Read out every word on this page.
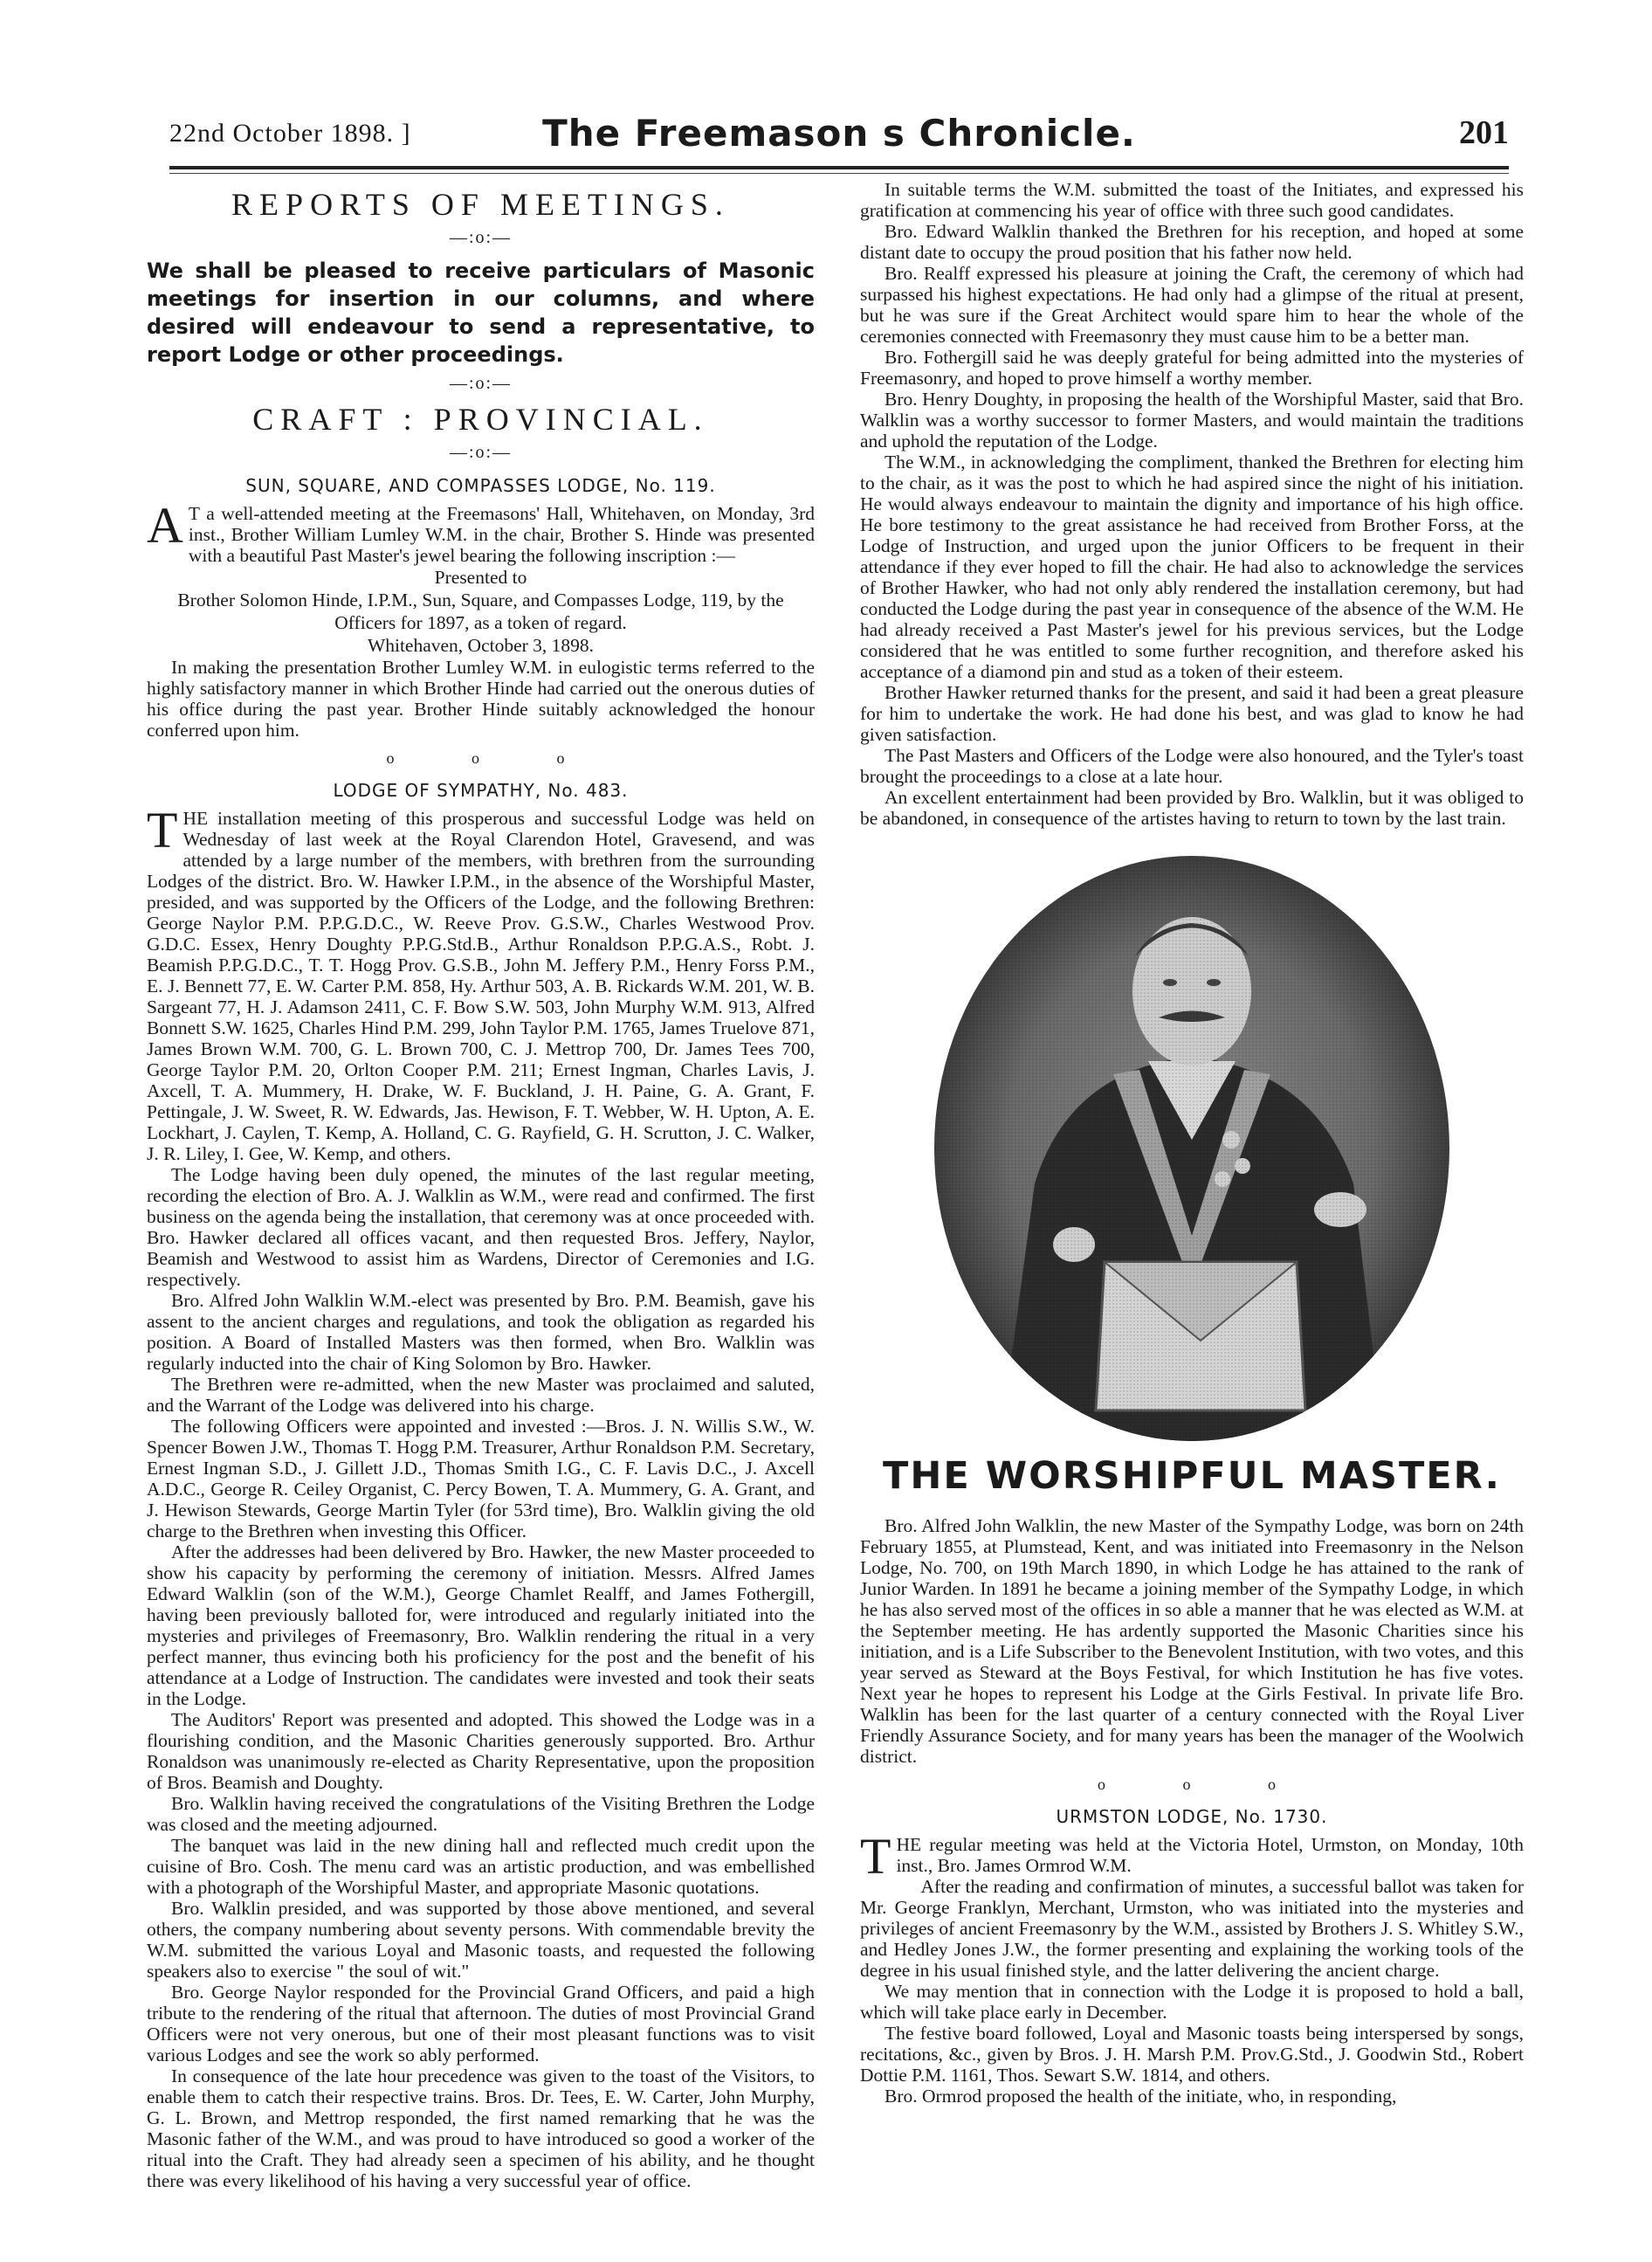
22nd October 1898. ]	The Freemason s Chronicle.	201
REPORTS OF MEETINGS.
—:o:—
We shall be pleased to receive particulars of Masonic meetings for insertion in our columns, and where desired will endeavour to send a representative, to report Lodge or other proceedings.
—:o:—
CRAFT : PROVINCIAL.
—:o:—
SUN, SQUARE, AND COMPASSES LODGE, No. 119.

A T a well-attended meeting at the Freemasons' Hall, Whitehaven, on Monday, 3rd inst., Brother William Lumley W.M. in the chair, Brother S. Hinde was presented with a beautiful Past Master's jewel bearing the following inscription :—

Presented to

Brother Solomon Hinde, I.P.M., Sun, Square, and Compasses Lodge, 119, by the Officers for 1897, as a token of regard.

Whitehaven, October 3, 1898.

In making the presentation Brother Lumley W.M. in eulogistic terms referred to the highly satisfactory manner in which Brother Hinde had carried out the onerous duties of his office during the past year. Brother Hinde suitably acknowledged the honour conferred upon him.

o o o
LODGE OF SYMPATHY, No. 483.

THE installation meeting of this prosperous and successful Lodge was held on Wednesday of last week at the Royal Clarendon Hotel, Gravesend, and was attended by a large number of the members, with brethren from the surrounding Lodges of the district. Bro. W. Hawker I.P.M., in the absence of the Worshipful Master, presided, and was supported by the Officers of the Lodge, and the following Brethren: George Naylor P.M. P.P.G.D.C., W. Reeve Prov. G.S.W., Charles Westwood Prov. G.D.C. Essex, Henry Doughty P.P.G.Std.B., Arthur Ronaldson P.P.G.A.S., Robt. J. Beamish P.P.G.D.C., T. T. Hogg Prov. G.S.B., John M. Jeffery P.M., Henry Forss P.M., E. J. Bennett 77, E. W. Carter P.M. 858, Hy. Arthur 503, A. B. Rickards W.M. 201, W. B. Sargeant 77, H. J. Adamson 2411, C. F. Bow S.W. 503, John Murphy W.M. 913, Alfred Bonnett S.W. 1625, Charles Hind P.M. 299, John Taylor P.M. 1765, James Truelove 871, James Brown W.M. 700, G. L. Brown 700, C. J. Mettrop 700, Dr. James Tees 700, George Taylor P.M. 20, Orlton Cooper P.M. 211; Ernest Ingman, Charles Lavis, J. Axcell, T. A. Mummery, H. Drake, W. F. Buckland, J. H. Paine, G. A. Grant, F. Pettingale, J. W. Sweet, R. W. Edwards, Jas. Hewison, F. T. Webber, W. H. Upton, A. E. Lockhart, J. Caylen, T. Kemp, A. Holland, C. G. Rayfield, G. H. Scrutton, J. C. Walker, J. R. Liley, I. Gee, W. Kemp, and others.

The Lodge having been duly opened, the minutes of the last regular meeting, recording the election of Bro. A. J. Walklin as W.M., were read and confirmed. The first business on the agenda being the installation, that ceremony was at once proceeded with. Bro. Hawker declared all offices vacant, and then requested Bros. Jeffery, Naylor, Beamish and Westwood to assist him as Wardens, Director of Ceremonies and I.G. respectively.

Bro. Alfred John Walklin W.M.-elect was presented by Bro. P.M. Beamish, gave his assent to the ancient charges and regulations, and took the obligation as regarded his position. A Board of Installed Masters was then formed, when Bro. Walklin was regularly inducted into the chair of King Solomon by Bro. Hawker.

The Brethren were re-admitted, when the new Master was proclaimed and saluted, and the Warrant of the Lodge was delivered into his charge.

The following Officers were appointed and invested :—Bros. J. N. Willis S.W., W. Spencer Bowen J.W., Thomas T. Hogg P.M. Treasurer, Arthur Ronaldson P.M. Secretary, Ernest Ingman S.D., J. Gillett J.D., Thomas Smith I.G., C. F. Lavis D.C., J. Axcell A.D.C., George R. Ceiley Organist, C. Percy Bowen, T. A. Mummery, G. A. Grant, and J. Hewison Stewards, George Martin Tyler (for 53rd time), Bro. Walklin giving the old charge to the Brethren when investing this Officer.

After the addresses had been delivered by Bro. Hawker, the new Master proceeded to show his capacity by performing the ceremony of initiation. Messrs. Alfred James Edward Walklin (son of the W.M.), George Chamlet Realff, and James Fothergill, having been previously balloted for, were introduced and regularly initiated into the mysteries and privileges of Freemasonry, Bro. Walklin rendering the ritual in a very perfect manner, thus evincing both his proficiency for the post and the benefit of his attendance at a Lodge of Instruction. The candidates were invested and took their seats in the Lodge.

The Auditors' Report was presented and adopted. This showed the Lodge was in a flourishing condition, and the Masonic Charities generously supported. Bro. Arthur Ronaldson was unanimously re-elected as Charity Representative, upon the proposition of Bros. Beamish and Doughty.

Bro. Walklin having received the congratulations of the Visiting Brethren the Lodge was closed and the meeting adjourned.

The banquet was laid in the new dining hall and reflected much credit upon the cuisine of Bro. Cosh. The menu card was an artistic production, and was embellished with a photograph of the Worshipful Master, and appropriate Masonic quotations.

Bro. Walklin presided, and was supported by those above mentioned, and several others, the company numbering about seventy persons. With commendable brevity the W.M. submitted the various Loyal and Masonic toasts, and requested the following speakers also to exercise " the soul of wit."

Bro. George Naylor responded for the Provincial Grand Officers, and paid a high tribute to the rendering of the ritual that afternoon. The duties of most Provincial Grand Officers were not very onerous, but one of their most pleasant functions was to visit various Lodges and see the work so ably performed.

In consequence of the late hour precedence was given to the toast of the Visitors, to enable them to catch their respective trains. Bros. Dr. Tees, E. W. Carter, John Murphy, G. L. Brown, and Mettrop responded, the first named remarking that he was the Masonic father of the W.M., and was proud to have introduced so good a worker of the ritual into the Craft. They had already seen a specimen of his ability, and he thought there was every likelihood of his having a very successful year of office.

In suitable terms the W.M. submitted the toast of the Initiates, and expressed his gratification at commencing his year of office with three such good candidates.

Bro. Edward Walklin thanked the Brethren for his reception, and hoped at some distant date to occupy the proud position that his father now held.

Bro. Realff expressed his pleasure at joining the Craft, the ceremony of which had surpassed his highest expectations. He had only had a glimpse of the ritual at present, but he was sure if the Great Architect would spare him to hear the whole of the ceremonies connected with Freemasonry they must cause him to be a better man.

Bro. Fothergill said he was deeply grateful for being admitted into the mysteries of Freemasonry, and hoped to prove himself a worthy member.

Bro. Henry Doughty, in proposing the health of the Worshipful Master, said that Bro. Walklin was a worthy successor to former Masters, and would maintain the traditions and uphold the reputation of the Lodge.

The W.M., in acknowledging the compliment, thanked the Brethren for electing him to the chair, as it was the post to which he had aspired since the night of his initiation. He would always endeavour to maintain the dignity and importance of his high office. He bore testimony to the great assistance he had received from Brother Forss, at the Lodge of Instruction, and urged upon the junior Officers to be frequent in their attendance if they ever hoped to fill the chair. He had also to acknowledge the services of Brother Hawker, who had not only ably rendered the installation ceremony, but had conducted the Lodge during the past year in consequence of the absence of the W.M. He had already received a Past Master's jewel for his previous services, but the Lodge considered that he was entitled to some further recognition, and therefore asked his acceptance of a diamond pin and stud as a token of their esteem.

Brother Hawker returned thanks for the present, and said it had been a great pleasure for him to undertake the work. He had done his best, and was glad to know he had given satisfaction.

The Past Masters and Officers of the Lodge were also honoured, and the Tyler's toast brought the proceedings to a close at a late hour.

An excellent entertainment had been provided by Bro. Walklin, but it was obliged to be abandoned, in consequence of the artistes having to return to town by the last train.

THE WORSHIPFUL MASTER.

Bro. Alfred John Walklin, the new Master of the Sympathy Lodge, was born on 24th February 1855, at Plumstead, Kent, and was initiated into Freemasonry in the Nelson Lodge, No. 700, on 19th March 1890, in which Lodge he has attained to the rank of Junior Warden. In 1891 he became a joining member of the Sympathy Lodge, in which he has also served most of the offices in so able a manner that he was elected as W.M. at the September meeting. He has ardently supported the Masonic Charities since his initiation, and is a Life Subscriber to the Benevolent Institution, with two votes, and this year served as Steward at the Boys Festival, for which Institution he has five votes. Next year he hopes to represent his Lodge at the Girls Festival. In private life Bro. Walklin has been for the last quarter of a century connected with the Royal Liver Friendly Assurance Society, and for many years has been the manager of the Woolwich district.

o o o
URMSTON LODGE, No. 1730.

THE regular meeting was held at the Victoria Hotel, Urmston, on Monday, 10th inst., Bro. James Ormrod W.M.

After the reading and confirmation of minutes, a successful ballot was taken for Mr. George Franklyn, Merchant, Urmston, who was initiated into the mysteries and privileges of ancient Freemasonry by the W.M., assisted by Brothers J. S. Whitley S.W., and Hedley Jones J.W., the former presenting and explaining the working tools of the degree in his usual finished style, and the latter delivering the ancient charge.

We may mention that in connection with the Lodge it is proposed to hold a ball, which will take place early in December.

The festive board followed, Loyal and Masonic toasts being interspersed by songs, recitations, &c., given by Bros. J. H. Marsh P.M. Prov.G.Std., J. Goodwin Std., Robert Dottie P.M. 1161, Thos. Sewart S.W. 1814, and others.

Bro. Ormrod proposed the health of the initiate, who, in responding,
